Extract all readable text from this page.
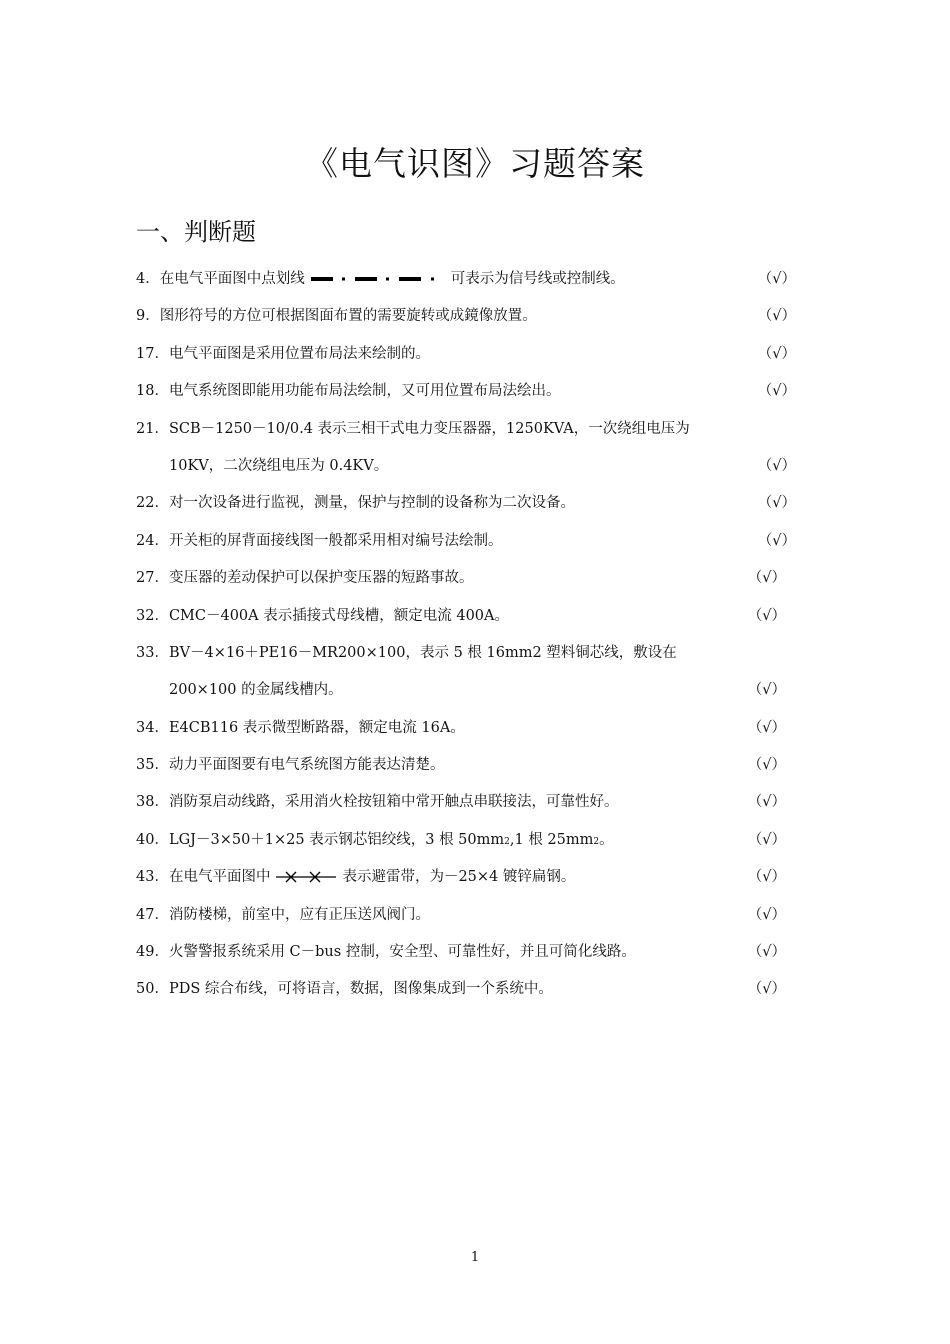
《电气识图》习题答案
一、判断题
4．在电气平面图中点划线	可表示为信号线或控制线。	（√）
9．图形符号的方位可根据图面布置的需要旋转或成鏡像放置。	（√）
17．电气平面图是采用位置布局法来绘制的。	（√）
18．电气系统图即能用功能布局法绘制，又可用位置布局法绘出。	（√）
21．SCB－1250－10/0.4 表示三相干式电力变压器器，1250KVA，一次绕组电压为
10KV，二次绕组电压为 0.4KV。	（√）
22．对一次设备进行监视，测量，保护与控制的设备称为二次设备。	（√）
24．开关柜的屏背面接线图一般都采用相对编号法绘制。	（√）
27．变压器的差动保护可以保护变压器的短路事故。	（√）
32．CMC－400A 表示插接式母线槽，额定电流 400A。	（√）
33．BV－4×16＋PE16－MR200×100，表示 5 根 16mm2 塑料铜芯线，敷设在
200×100 的金属线槽内。	（√）
34．E4CB116 表示微型断路器，额定电流 16A。	（√）
35．动力平面图要有电气系统图方能表达清楚。	（√）
38．消防泵启动线路，采用消火栓按钮箱中常开触点串联接法，可靠性好。	（√）
40．LGJ－3×50＋1×25 表示钢芯铝绞线，3 根 50mm2,1 根 25mm2。	（√）
43．在电气平面图中	表示避雷带，为－25×4 镀锌扁钢。	（√）
47．消防楼梯，前室中，应有正压送风阀门。	（√）
49．火警警报系统采用 C－bus 控制，安全型、可靠性好，并且可简化线路。	（√）
50．PDS 综合布线，可将语言，数据，图像集成到一个系统中。	（√）
1
